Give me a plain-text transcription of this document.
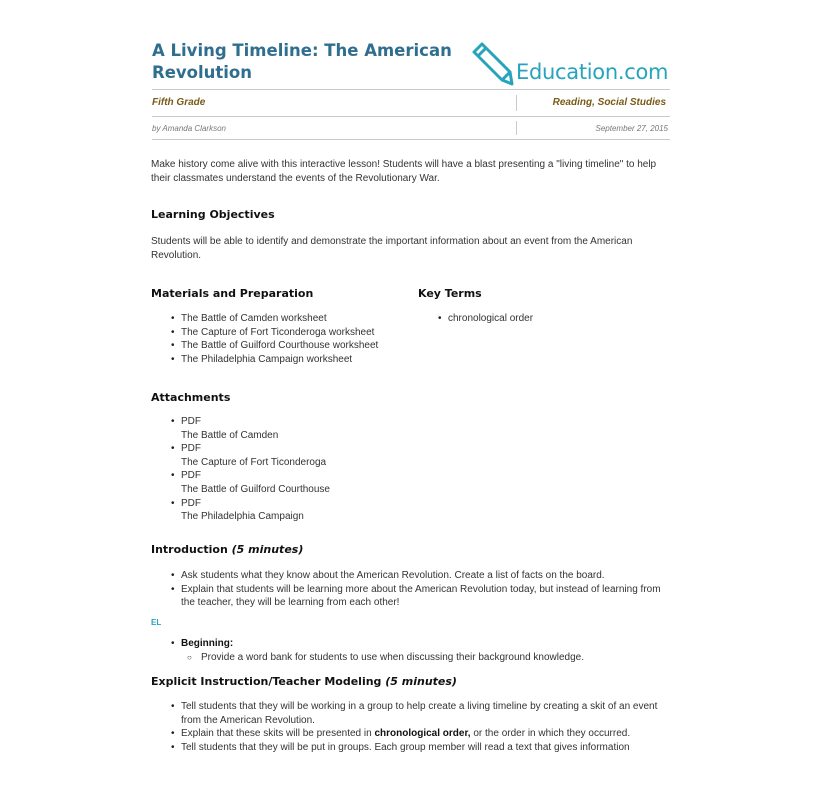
A Living Timeline: The American Revolution	Education.com
Fifth Grade	Reading, Social Studies
by Amanda Clarkson	September 27, 2015
Make history come alive with this interactive lesson! Students will have a blast presenting a "living timeline" to help their classmates understand the events of the Revolutionary War.
Learning Objectives
Students will be able to identify and demonstrate the important information about an event from the American Revolution.
Materials and Preparation
• The Battle of Camden worksheet
• The Capture of Fort Ticonderoga worksheet
• The Battle of Guilford Courthouse worksheet
• The Philadelphia Campaign worksheet
Key Terms
• chronological order
Attachments
• PDF
The Battle of Camden
• PDF
The Capture of Fort Ticonderoga
• PDF
The Battle of Guilford Courthouse
• PDF
The Philadelphia Campaign
Introduction (5 minutes)
• Ask students what they know about the American Revolution. Create a list of facts on the board.
• Explain that students will be learning more about the American Revolution today, but instead of learning from the teacher, they will be learning from each other!
EL
• Beginning:
○ Provide a word bank for students to use when discussing their background knowledge.
Explicit Instruction/Teacher Modeling (5 minutes)
• Tell students that they will be working in a group to help create a living timeline by creating a skit of an event from the American Revolution.
• Explain that these skits will be presented in chronological order, or the order in which they occurred.
• Tell students that they will be put in groups. Each group member will read a text that gives information
